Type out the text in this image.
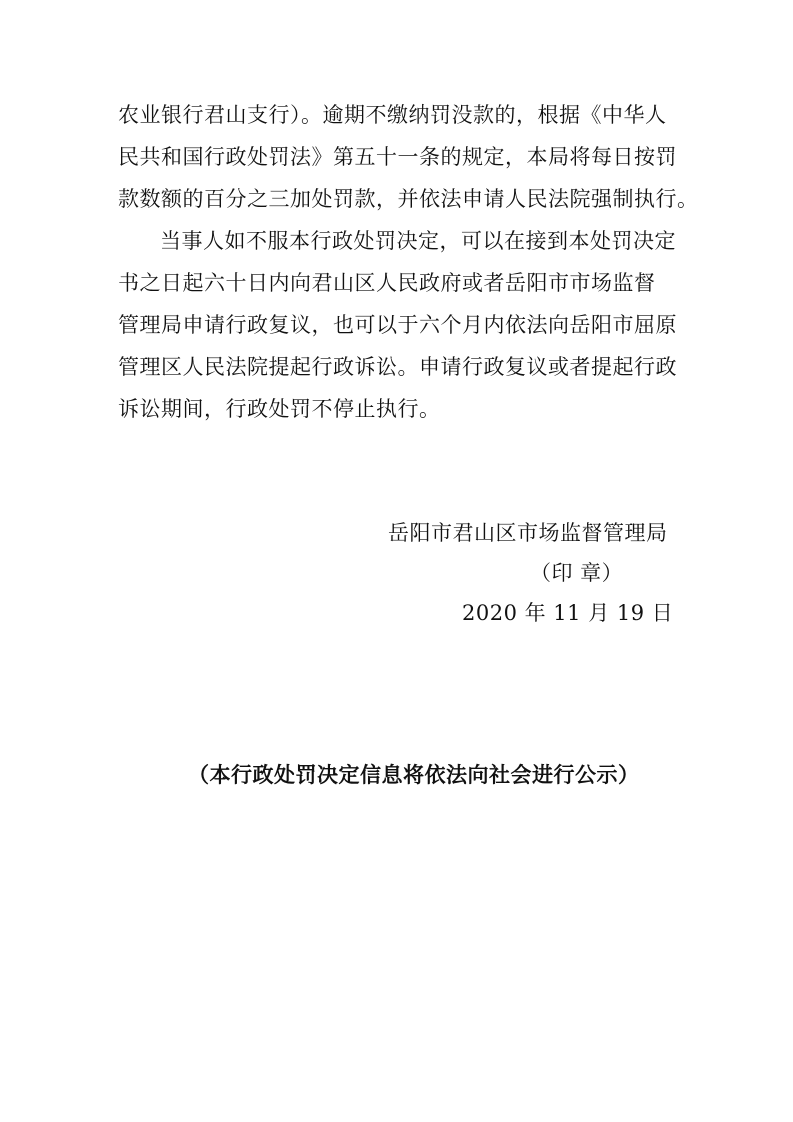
农业银行君山支行）。逾期不缴纳罚没款的，根据《中华人
民共和国行政处罚法》第五十一条的规定，本局将每日按罚
款数额的百分之三加处罚款，并依法申请人民法院强制执行。
当事人如不服本行政处罚决定，可以在接到本处罚决定
书之日起六十日内向君山区人民政府或者岳阳市市场监督
管理局申请行政复议，也可以于六个月内依法向岳阳市屈原
管理区人民法院提起行政诉讼。申请行政复议或者提起行政
诉讼期间，行政处罚不停止执行。
岳阳市君山区市场监督管理局
（印 章）
2020 年 11 月 19 日
（本行政处罚决定信息将依法向社会进行公示）
